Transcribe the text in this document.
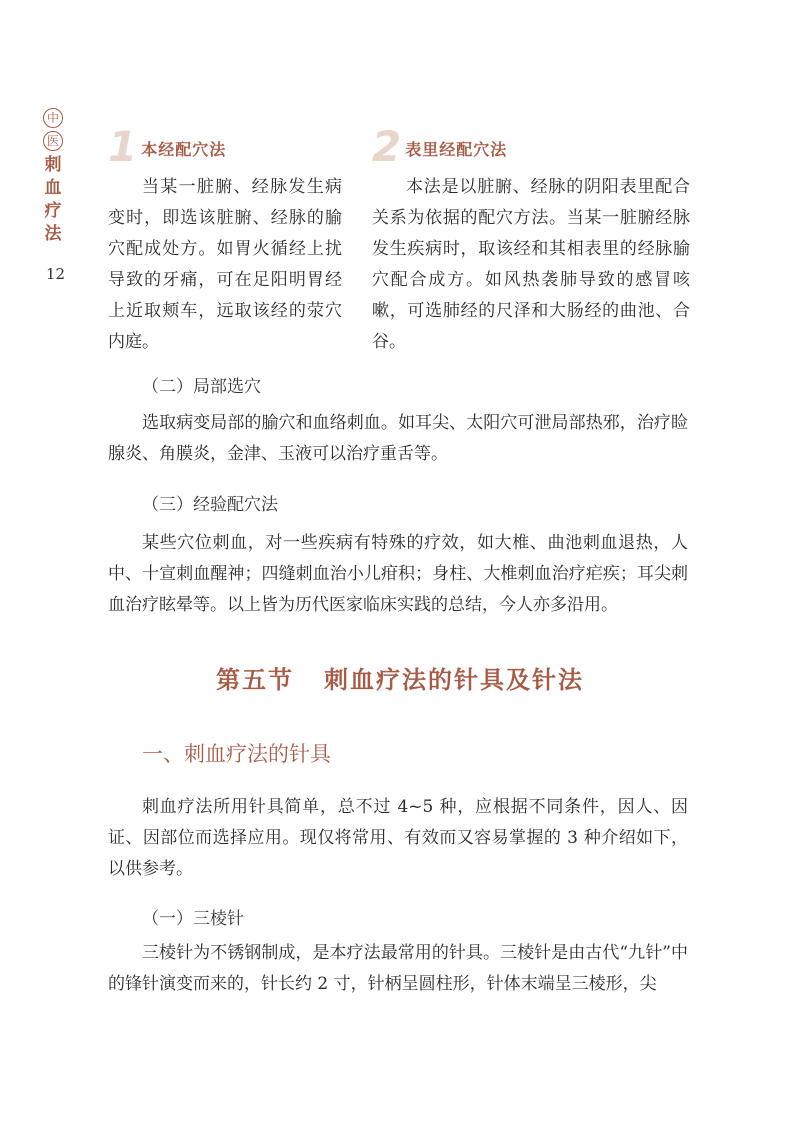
中
医
刺
血
疗
法
12
1 本经配穴法

当某一脏腑、经脉发生病变时，即选该脏腑、经脉的腧穴配成处方。如胃火循经上扰导致的牙痛，可在足阳明胃经上近取颊车，远取该经的荥穴内庭。

2 表里经配穴法

本法是以脏腑、经脉的阴阳表里配合关系为依据的配穴方法。当某一脏腑经脉发生疾病时，取该经和其相表里的经脉腧穴配合成方。如风热袭肺导致的感冒咳嗽，可选肺经的尺泽和大肠经的曲池、合谷。

（二）局部选穴

选取病变局部的腧穴和血络刺血。如耳尖、太阳穴可泄局部热邪，治疗睑腺炎、角膜炎，金津、玉液可以治疗重舌等。

（三）经验配穴法

某些穴位刺血，对一些疾病有特殊的疗效，如大椎、曲池刺血退热，人中、十宣刺血醒神；四缝刺血治小儿疳积；身柱、大椎刺血治疗疟疾；耳尖刺血治疗眩晕等。以上皆为历代医家临床实践的总结，今人亦多沿用。

第五节 刺血疗法的针具及针法
一、刺血疗法的针具

刺血疗法所用针具简单，总不过 4~5 种，应根据不同条件，因人、因证、因部位而选择应用。现仅将常用、有效而又容易掌握的 3 种介绍如下，以供参考。

（一）三棱针

三棱针为不锈钢制成，是本疗法最常用的针具。三棱针是由古代“九针”中的锋针演变而来的，针长约 2 寸，针柄呈圆柱形，针体末端呈三棱形，尖
